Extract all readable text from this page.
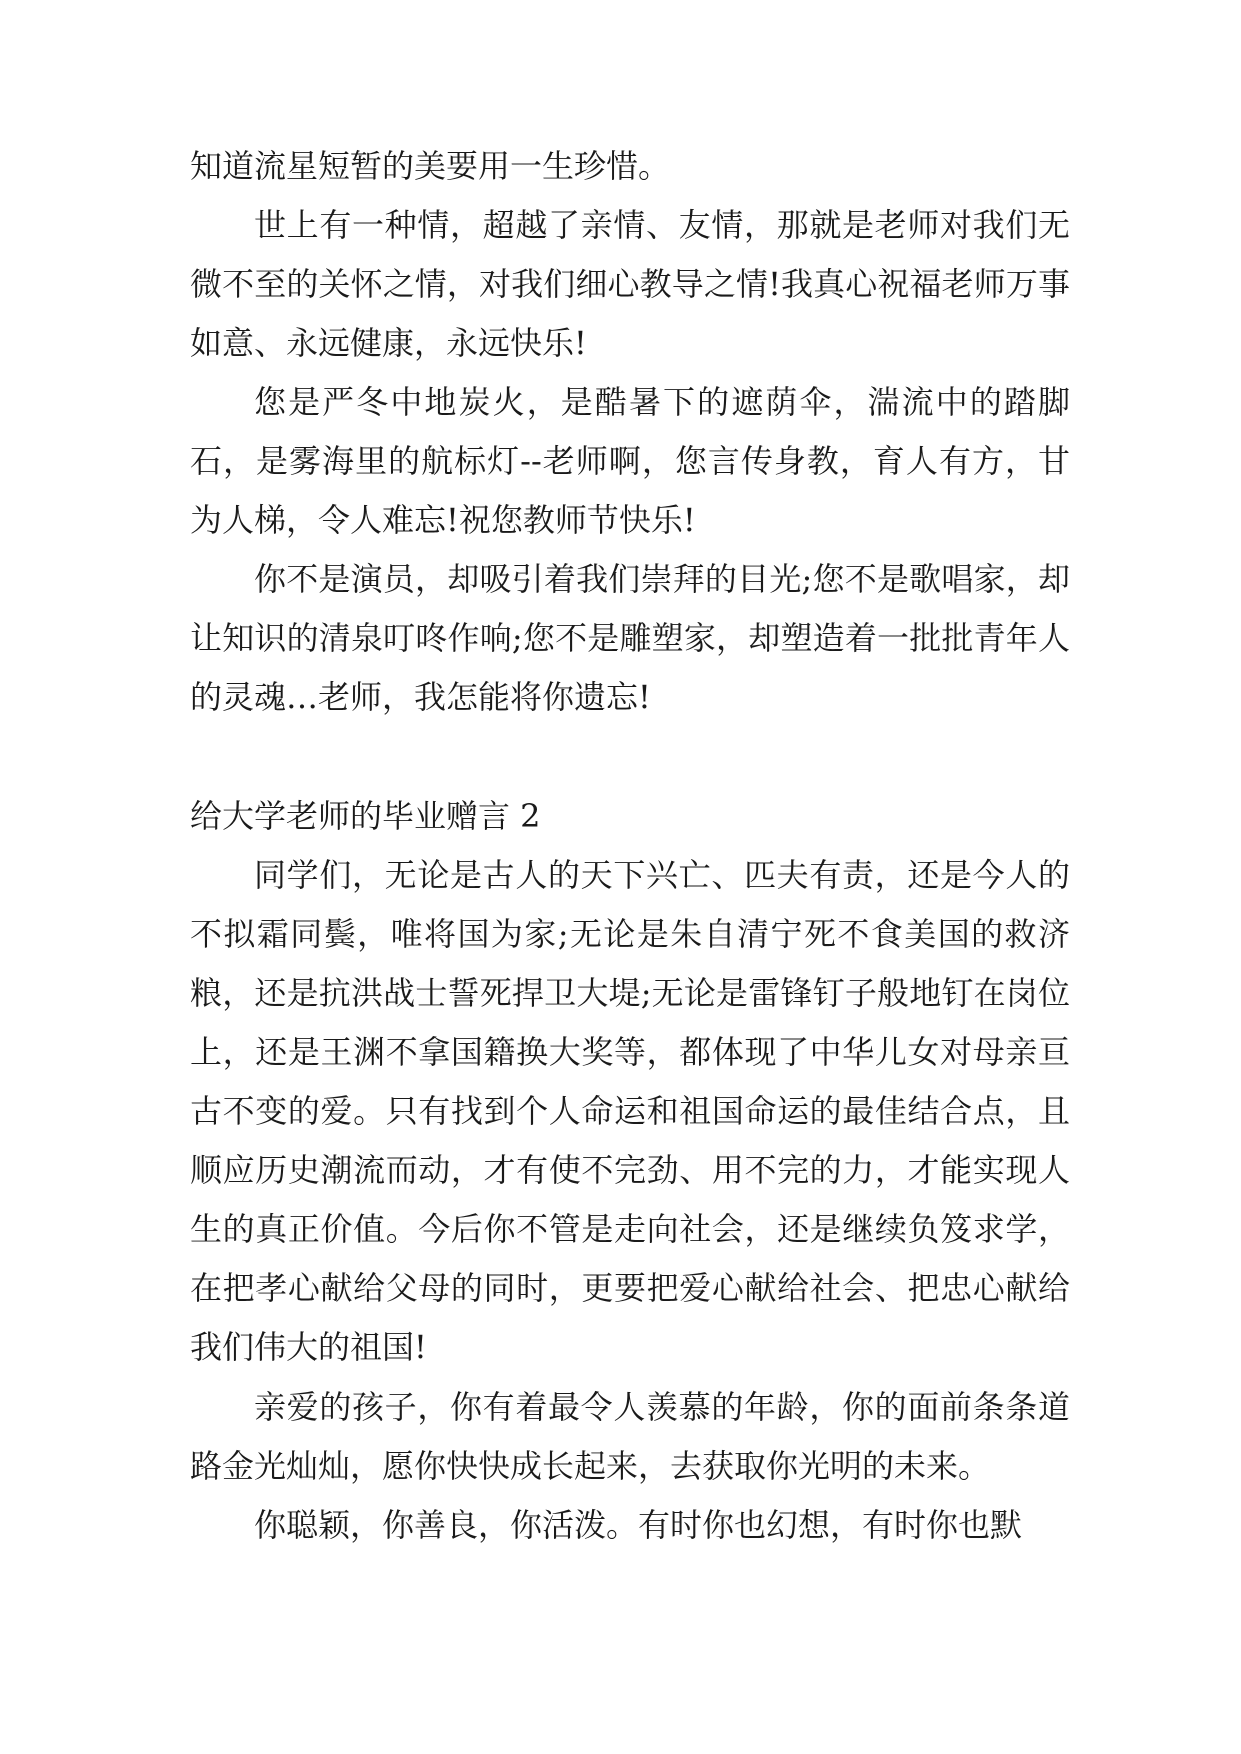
知道流星短暂的美要用一生珍惜。

世上有一种情，超越了亲情、友情，那就是老师对我们无微不至的关怀之情，对我们细心教导之情!我真心祝福老师万事如意、永远健康，永远快乐!

您是严冬中地炭火，是酷暑下的遮荫伞，湍流中的踏脚石，是雾海里的航标灯--老师啊，您言传身教，育人有方，甘为人梯，令人难忘!祝您教师节快乐!

你不是演员，却吸引着我们崇拜的目光;您不是歌唱家，却让知识的清泉叮咚作响;您不是雕塑家，却塑造着一批批青年人的灵魂…老师，我怎能将你遗忘!

给大学老师的毕业赠言 2

同学们，无论是古人的天下兴亡、匹夫有责，还是今人的不拟霜同鬓，唯将国为家;无论是朱自清宁死不食美国的救济粮，还是抗洪战士誓死捍卫大堤;无论是雷锋钉子般地钉在岗位上，还是王渊不拿国籍换大奖等，都体现了中华儿女对母亲亘古不变的爱。只有找到个人命运和祖国命运的最佳结合点，且顺应历史潮流而动，才有使不完劲、用不完的力，才能实现人生的真正价值。今后你不管是走向社会，还是继续负笈求学，在把孝心献给父母的同时，更要把爱心献给社会、把忠心献给我们伟大的祖国!

亲爱的孩子，你有着最令人羡慕的年龄，你的面前条条道路金光灿灿，愿你快快成长起来，去获取你光明的未来。

你聪颖，你善良，你活泼。有时你也幻想，有时你也默
